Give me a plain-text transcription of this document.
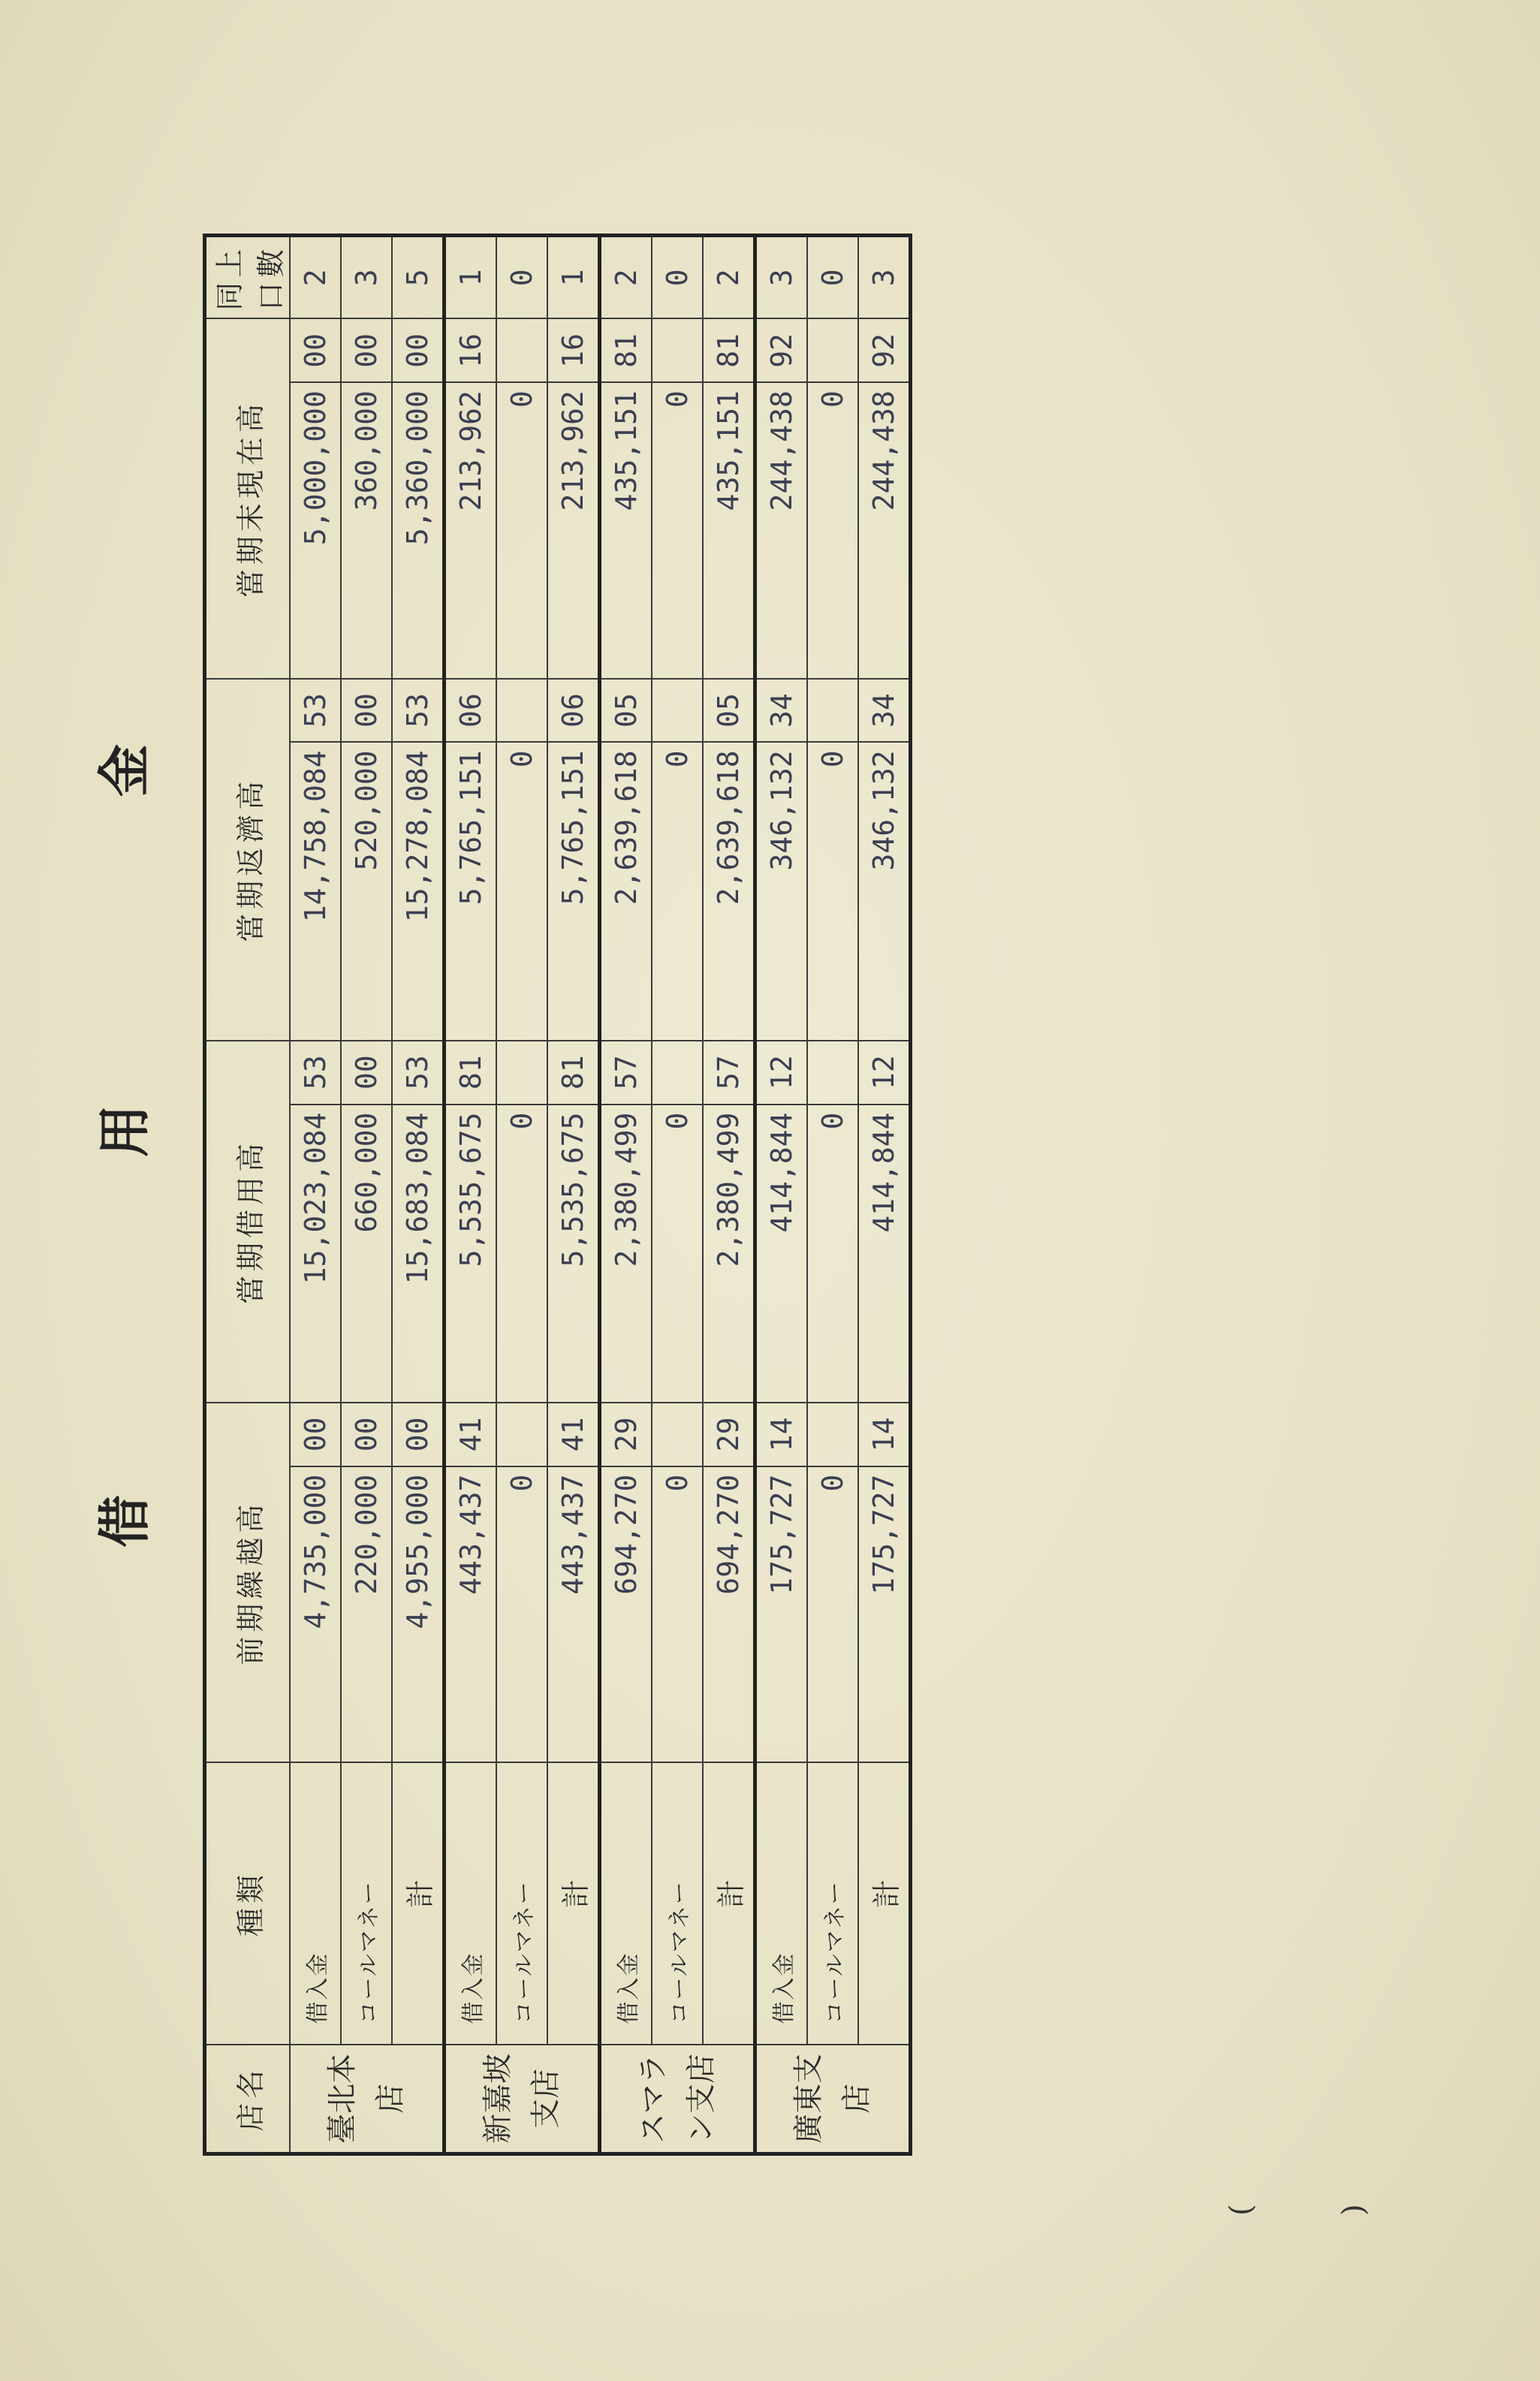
借
用
金
店名	種類	前期繰越高		當期借用高		當期返濟高		當期末現在高		同上口數
臺北本店	借入金	4,735,000	00	15,023,084	53	14,758,084	53	5,000,000	00	2
	コールマネー	220,000	00	660,000	00	520,000	00	360,000	00	3
	計	4,955,000	00	15,683,084	53	15,278,084	53	5,360,000	00	5
新嘉坡支店	借入金	443,437	41	5,535,675	81	5,765,151	06	213,962	16	1
	コールマネー	0		0		0		0		0
	計	443,437	41	5,535,675	81	5,765,151	06	213,962	16	1
スマラン支店	借入金	694,270	29	2,380,499	57	2,639,618	05	435,151	81	2
	コールマネー	0		0		0		0		0
	計	694,270	29	2,380,499	57	2,639,618	05	435,151	81	2
廣東支店	借入金	175,727	14	414,844	12	346,132	34	244,438	92	3
	コールマネー	0		0		0		0		0
	計	175,727	14	414,844	12	346,132	34	244,438	92	3
(	)
